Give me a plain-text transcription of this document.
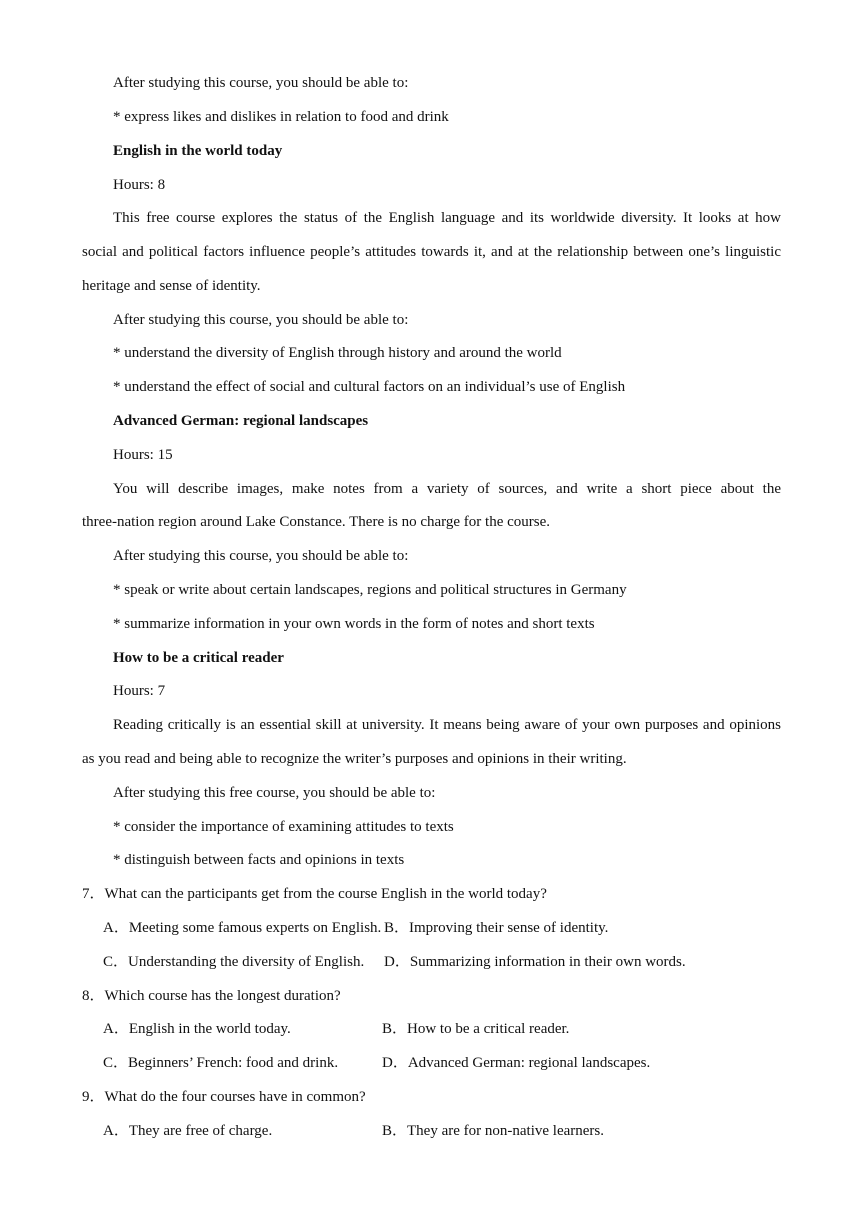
After studying this course, you should be able to:
* express likes and dislikes in relation to food and drink
English in the world today
Hours: 8
This free course explores the status of the English language and its worldwide diversity. It looks at how
social and political factors influence people’s attitudes towards it, and at the relationship between one’s linguistic
heritage and sense of identity.
After studying this course, you should be able to:
* understand the diversity of English through history and around the world
* understand the effect of social and cultural factors on an individual’s use of English
Advanced German: regional landscapes
Hours: 15
You will describe images, make notes from a variety of sources, and write a short piece about the
three-nation region around Lake Constance. There is no charge for the course.
After studying this course, you should be able to:
* speak or write about certain landscapes, regions and political structures in Germany
* summarize information in your own words in the form of notes and short texts
How to be a critical reader
Hours: 7
Reading critically is an essential skill at university. It means being aware of your own purposes and opinions
as you read and being able to recognize the writer’s purposes and opinions in their writing.
After studying this free course, you should be able to:
* consider the importance of examining attitudes to texts
* distinguish between facts and opinions in texts
7．What can the participants get from the course English in the world today?
A．Meeting some famous experts on English. B．Improving their sense of identity.
C．Understanding the diversity of English. D．Summarizing information in their own words.
8．Which course has the longest duration?
A．English in the world today.	B．How to be a critical reader.
C．Beginners’ French: food and drink.	D．Advanced German: regional landscapes.
9．What do the four courses have in common?
A．They are free of charge.	B．They are for non-native learners.
